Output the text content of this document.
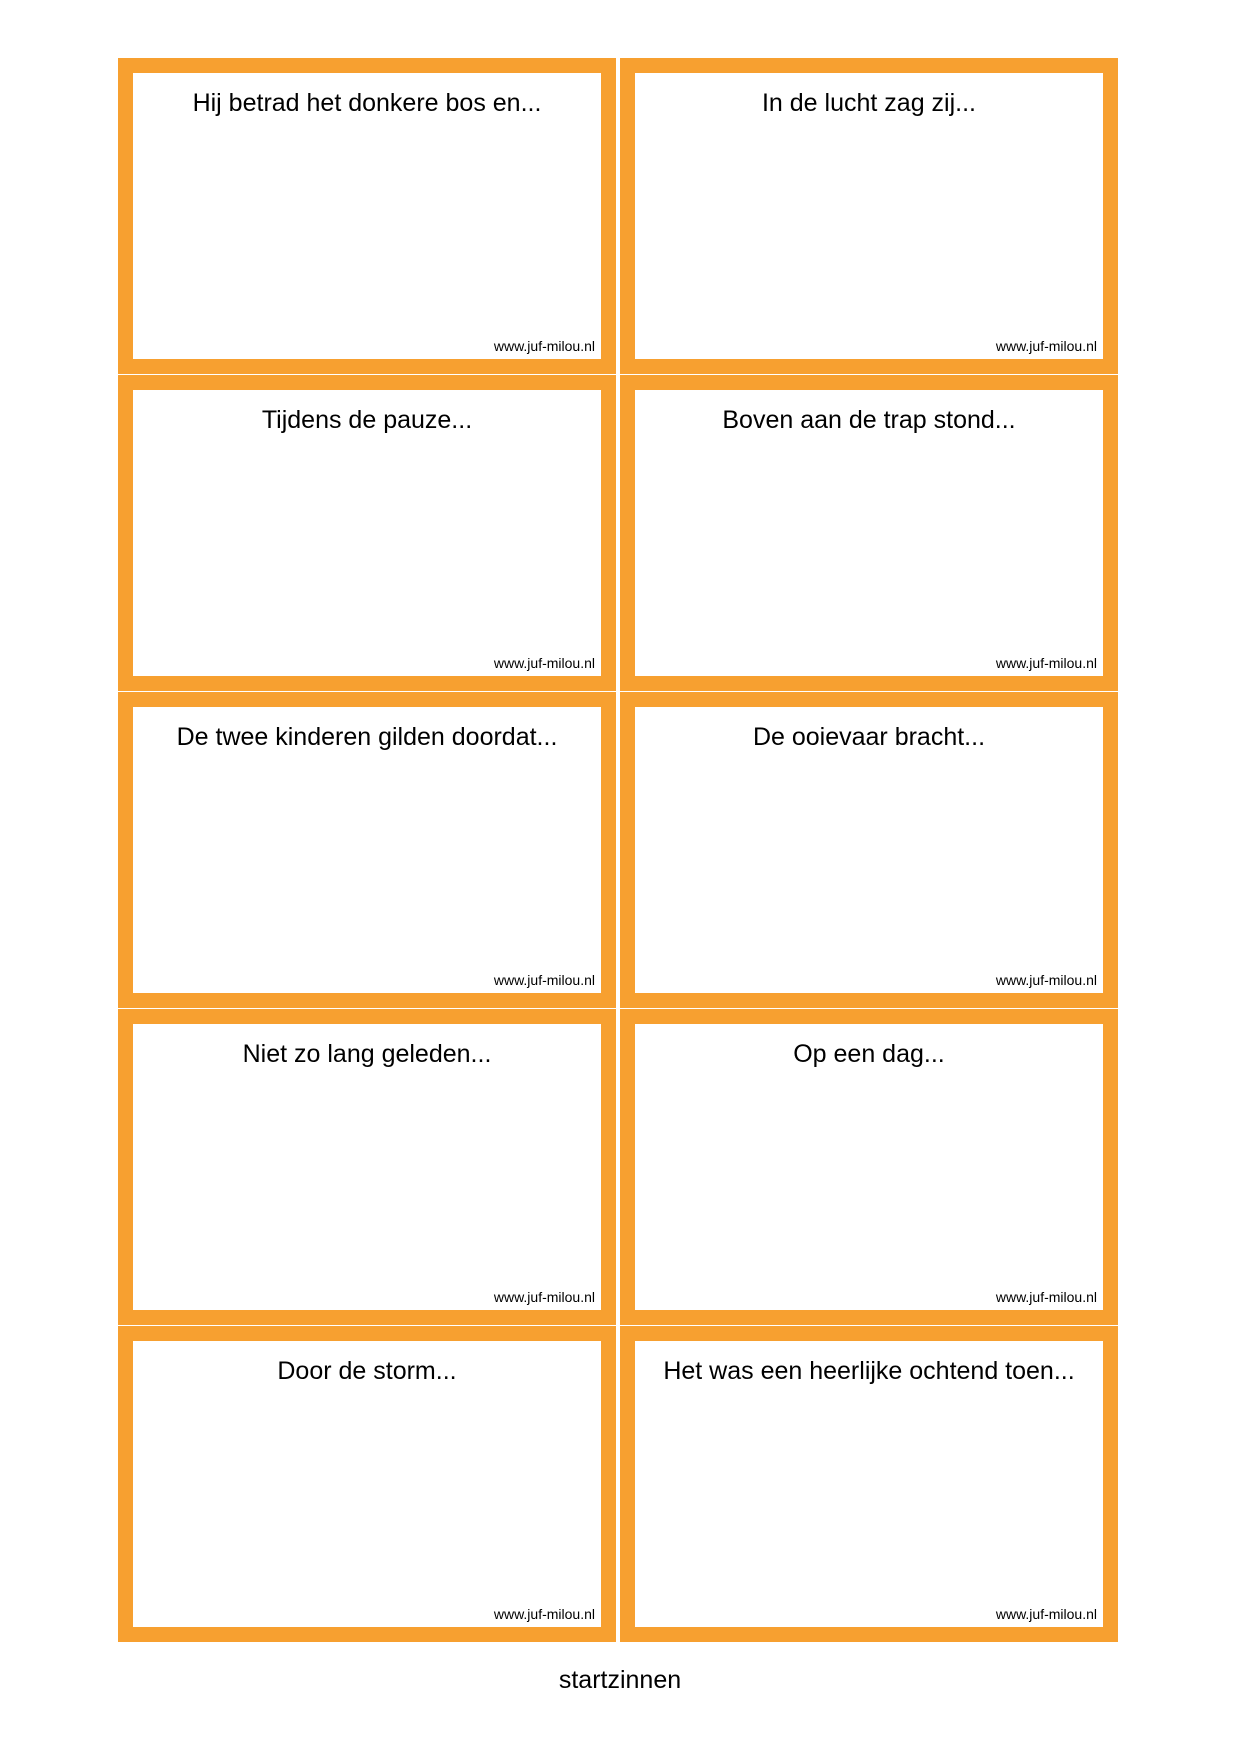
Hij betrad het donkere bos en...
www.juf-milou.nl
In de lucht zag zij...
www.juf-milou.nl
Tijdens de pauze...
www.juf-milou.nl
Boven aan de trap stond...
www.juf-milou.nl
De twee kinderen gilden doordat...
www.juf-milou.nl
De ooievaar bracht...
www.juf-milou.nl
Niet zo lang geleden...
www.juf-milou.nl
Op een dag...
www.juf-milou.nl
Door de storm...
www.juf-milou.nl
Het was een heerlijke ochtend toen...
www.juf-milou.nl
startzinnen
